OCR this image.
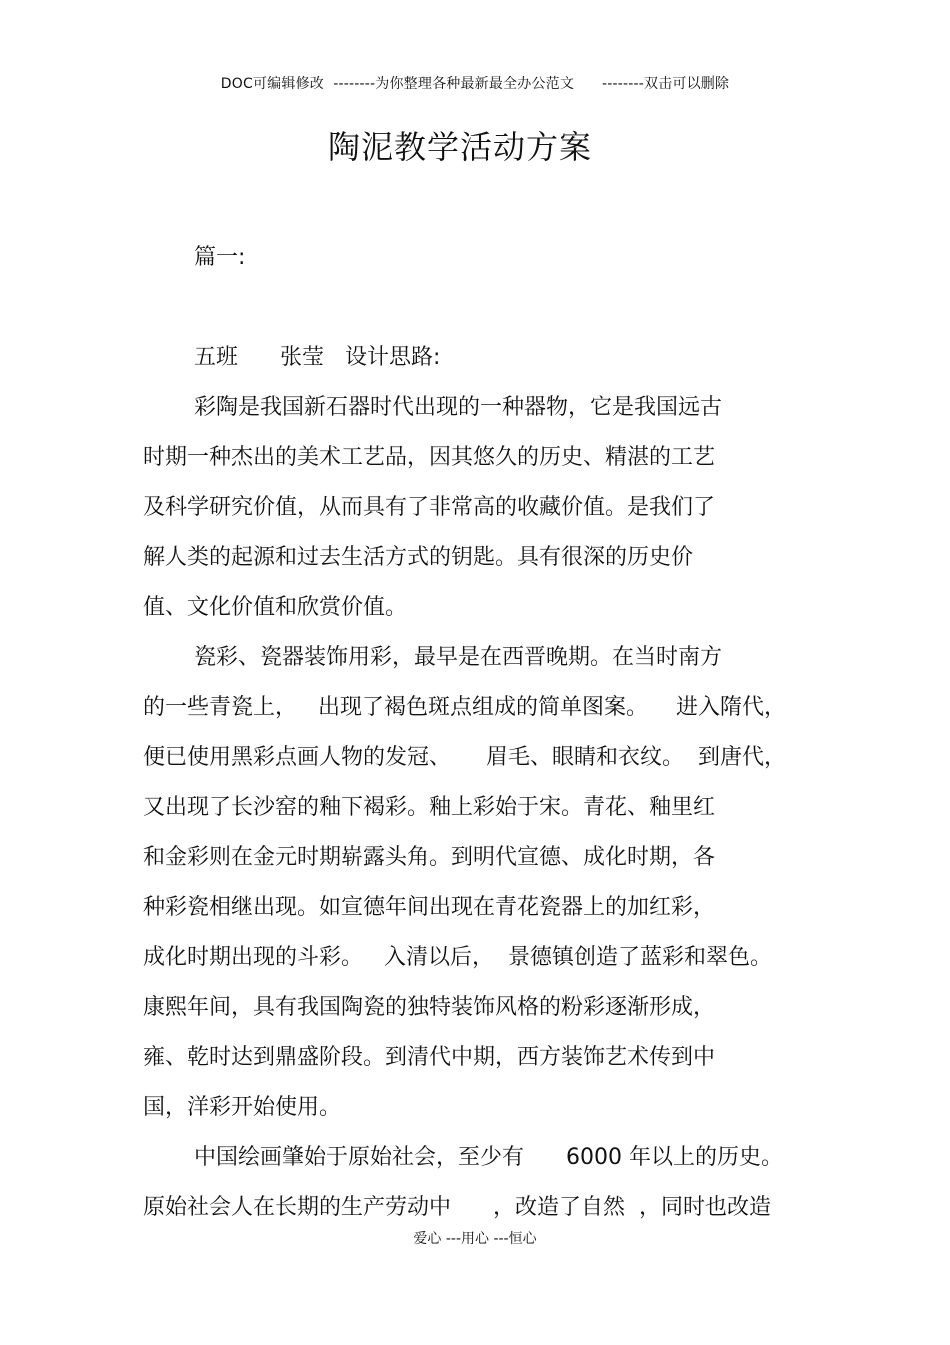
DOC可编辑修改  --------为你整理各种最新最全办公范文      --------双击可以删除
陶泥教学活动方案
篇一:
五班      张莹   设计思路:
彩陶是我国新石器时代出现的一种器物，它是我国远古
时期一种杰出的美术工艺品，因其悠久的历史、精湛的工艺
及科学研究价值，从而具有了非常高的收藏价值。是我们了
解人类的起源和过去生活方式的钥匙。具有很深的历史价
值、文化价值和欣赏价值。
瓷彩、瓷器装饰用彩，最早是在西晋晚期。在当时南方
的一些青瓷上，   出现了褐色斑点组成的简单图案。    进入隋代，
便已使用黑彩点画人物的发冠、     眉毛、眼睛和衣纹。  到唐代，
又出现了长沙窑的釉下褐彩。釉上彩始于宋。青花、釉里红
和金彩则在金元时期崭露头角。到明代宣德、成化时期，各
种彩瓷相继出现。如宣德年间出现在青花瓷器上的加红彩，
成化时期出现的斗彩。   入清以后，  景德镇创造了蓝彩和翠色。
康熙年间，具有我国陶瓷的独特装饰风格的粉彩逐渐形成，
雍、乾时达到鼎盛阶段。到清代中期，西方装饰艺术传到中
国，洋彩开始使用。
中国绘画肇始于原始社会，至少有      6000 年以上的历史。
原始社会人在长期的生产劳动中      ，改造了自然  ，同时也改造
爱心 ---用心 ---恒心
